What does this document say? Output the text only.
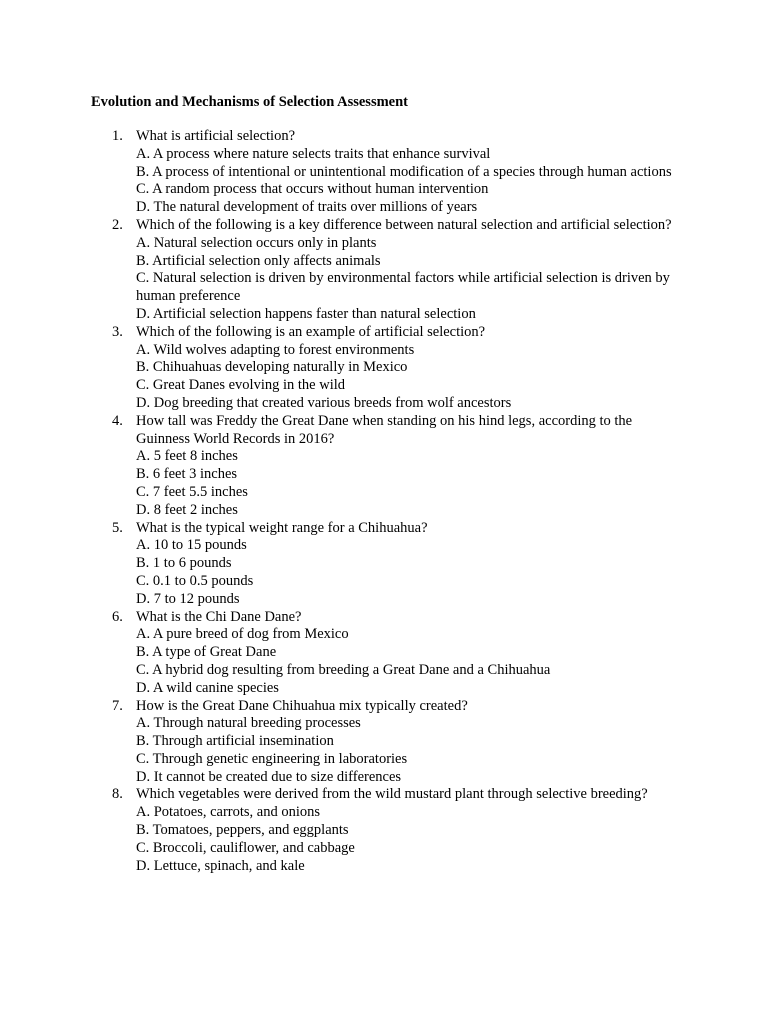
Evolution and Mechanisms of Selection Assessment
1. What is artificial selection?
A. A process where nature selects traits that enhance survival
B. A process of intentional or unintentional modification of a species through human actions
C. A random process that occurs without human intervention
D. The natural development of traits over millions of years
2. Which of the following is a key difference between natural selection and artificial selection?
A. Natural selection occurs only in plants
B. Artificial selection only affects animals
C. Natural selection is driven by environmental factors while artificial selection is driven by human preference
D. Artificial selection happens faster than natural selection
3. Which of the following is an example of artificial selection?
A. Wild wolves adapting to forest environments
B. Chihuahuas developing naturally in Mexico
C. Great Danes evolving in the wild
D. Dog breeding that created various breeds from wolf ancestors
4. How tall was Freddy the Great Dane when standing on his hind legs, according to the Guinness World Records in 2016?
A. 5 feet 8 inches
B. 6 feet 3 inches
C. 7 feet 5.5 inches
D. 8 feet 2 inches
5. What is the typical weight range for a Chihuahua?
A. 10 to 15 pounds
B. 1 to 6 pounds
C. 0.1 to 0.5 pounds
D. 7 to 12 pounds
6. What is the Chi Dane Dane?
A. A pure breed of dog from Mexico
B. A type of Great Dane
C. A hybrid dog resulting from breeding a Great Dane and a Chihuahua
D. A wild canine species
7. How is the Great Dane Chihuahua mix typically created?
A. Through natural breeding processes
B. Through artificial insemination
C. Through genetic engineering in laboratories
D. It cannot be created due to size differences
8. Which vegetables were derived from the wild mustard plant through selective breeding?
A. Potatoes, carrots, and onions
B. Tomatoes, peppers, and eggplants
C. Broccoli, cauliflower, and cabbage
D. Lettuce, spinach, and kale
